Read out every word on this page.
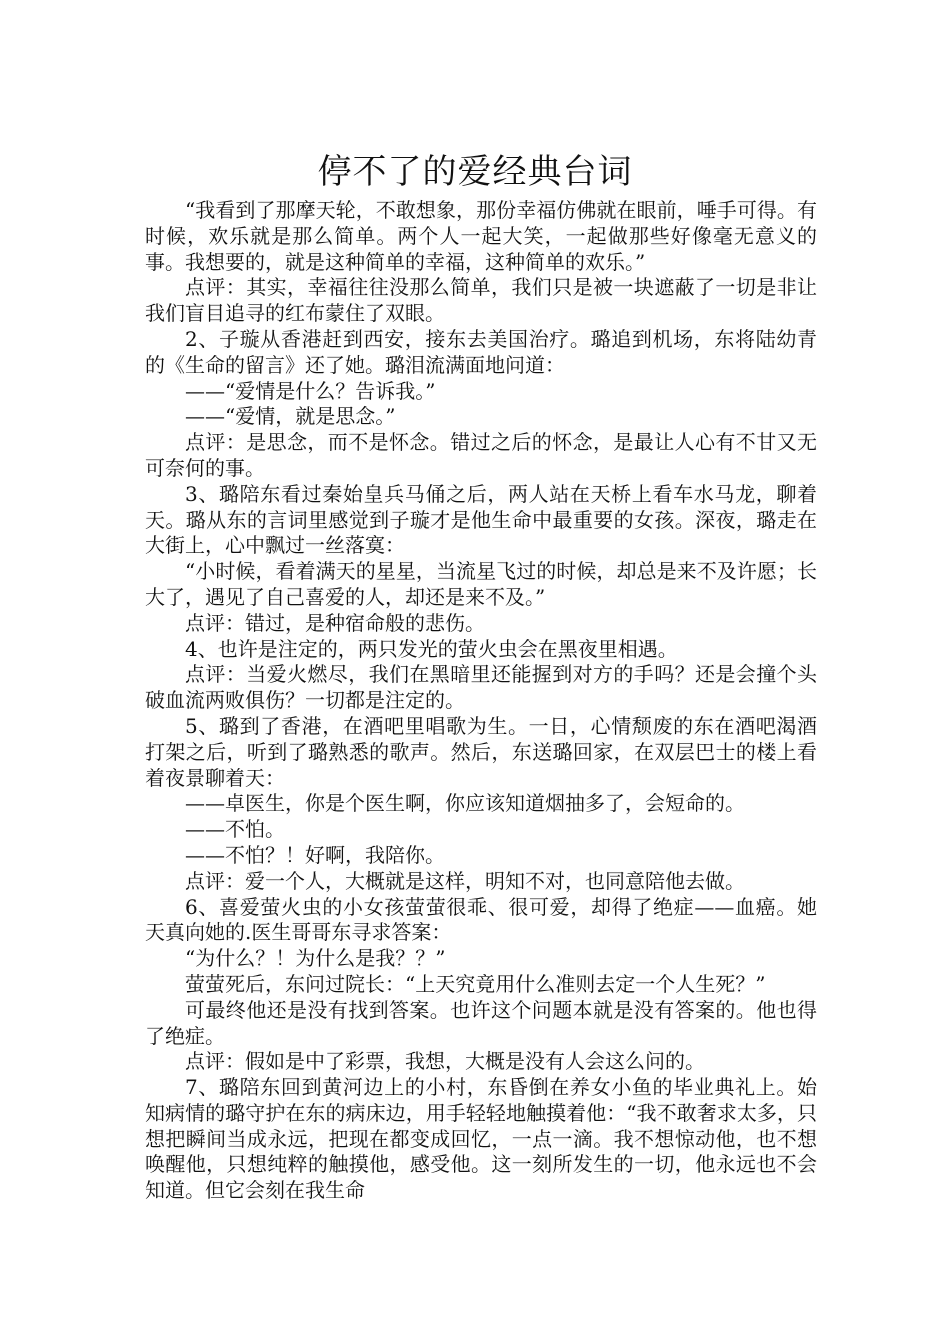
停不了的爱经典台词

“我看到了那摩天轮，不敢想象，那份幸福仿佛就在眼前，唾手可得。有时候，欢乐就是那么简单。两个人一起大笑，一起做那些好像毫无意义的事。我想要的，就是这种简单的幸福，这种简单的欢乐。”

点评：其实，幸福往往没那么简单，我们只是被一块遮蔽了一切是非让我们盲目追寻的红布蒙住了双眼。

2、子璇从香港赶到西安，接东去美国治疗。璐追到机场，东将陆幼青的《生命的留言》还了她。璐泪流满面地问道：

——“爱情是什么？告诉我。”

——“爱情，就是思念。”

点评：是思念，而不是怀念。错过之后的怀念，是最让人心有不甘又无可奈何的事。

3、璐陪东看过秦始皇兵马俑之后，两人站在天桥上看车水马龙，聊着天。璐从东的言词里感觉到子璇才是他生命中最重要的女孩。深夜，璐走在大街上，心中飘过一丝落寞：

“小时候，看着满天的星星，当流星飞过的时候，却总是来不及许愿；长大了，遇见了自己喜爱的人，却还是来不及。”

点评：错过，是种宿命般的悲伤。

4、也许是注定的，两只发光的萤火虫会在黑夜里相遇。

点评：当爱火燃尽，我们在黑暗里还能握到对方的手吗？还是会撞个头破血流两败俱伤？一切都是注定的。

5、璐到了香港，在酒吧里唱歌为生。一日，心情颓废的东在酒吧渴酒打架之后，听到了璐熟悉的歌声。然后，东送璐回家，在双层巴士的楼上看着夜景聊着天：

——卓医生，你是个医生啊，你应该知道烟抽多了，会短命的。

——不怕。

——不怕？！好啊，我陪你。

点评：爱一个人，大概就是这样，明知不对，也同意陪他去做。

6、喜爱萤火虫的小女孩萤萤很乖、很可爱，却得了绝症——血癌。她天真向她的.医生哥哥东寻求答案：

“为什么？！为什么是我？？”

萤萤死后，东问过院长：“上天究竟用什么准则去定一个人生死？”

可最终他还是没有找到答案。也许这个问题本就是没有答案的。他也得了绝症。

点评：假如是中了彩票，我想，大概是没有人会这么问的。

7、璐陪东回到黄河边上的小村，东昏倒在养女小鱼的毕业典礼上。始知病情的璐守护在东的病床边，用手轻轻地触摸着他：“我不敢奢求太多，只想把瞬间当成永远，把现在都变成回忆，一点一滴。我不想惊动他，也不想唤醒他，只想纯粹的触摸他，感受他。这一刻所发生的一切，他永远也不会知道。但它会刻在我生命
